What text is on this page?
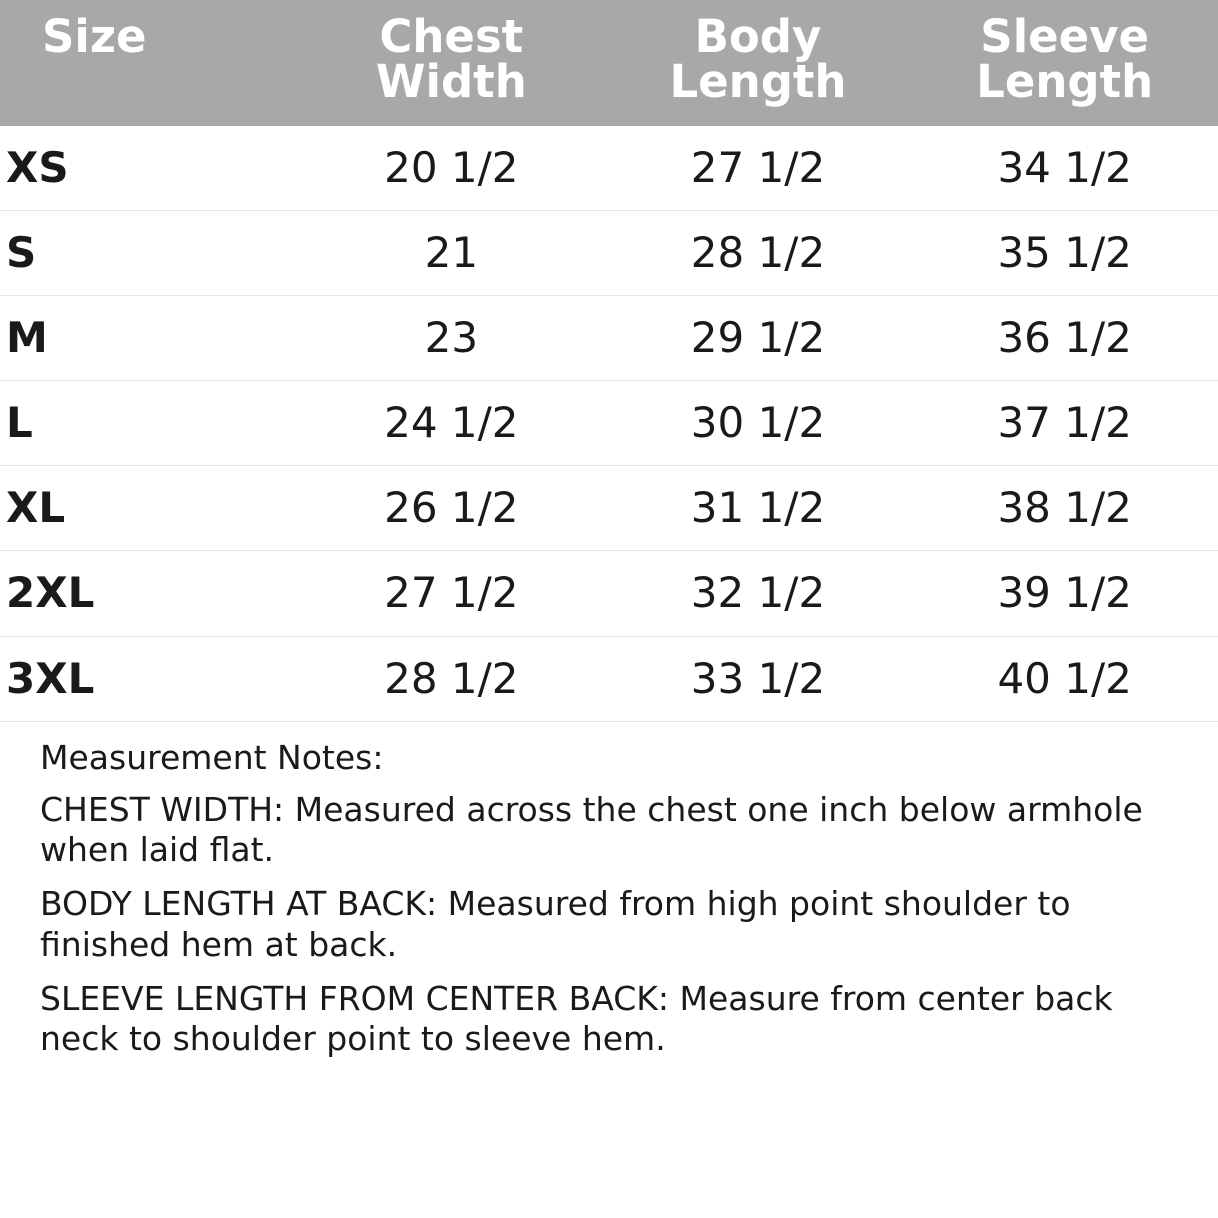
Size	Chest Width	Body Length	Sleeve Length
XS	20 1/2	27 1/2	34 1/2
S	21	28 1/2	35 1/2
M	23	29 1/2	36 1/2
L	24 1/2	30 1/2	37 1/2
XL	26 1/2	31 1/2	38 1/2
2XL	27 1/2	32 1/2	39 1/2
3XL	28 1/2	33 1/2	40 1/2

Measurement Notes:

CHEST WIDTH: Measured across the chest one inch below armhole when laid flat.

BODY LENGTH AT BACK: Measured from high point shoulder to finished hem at back.

SLEEVE LENGTH FROM CENTER BACK: Measure from center back neck to shoulder point to sleeve hem.
